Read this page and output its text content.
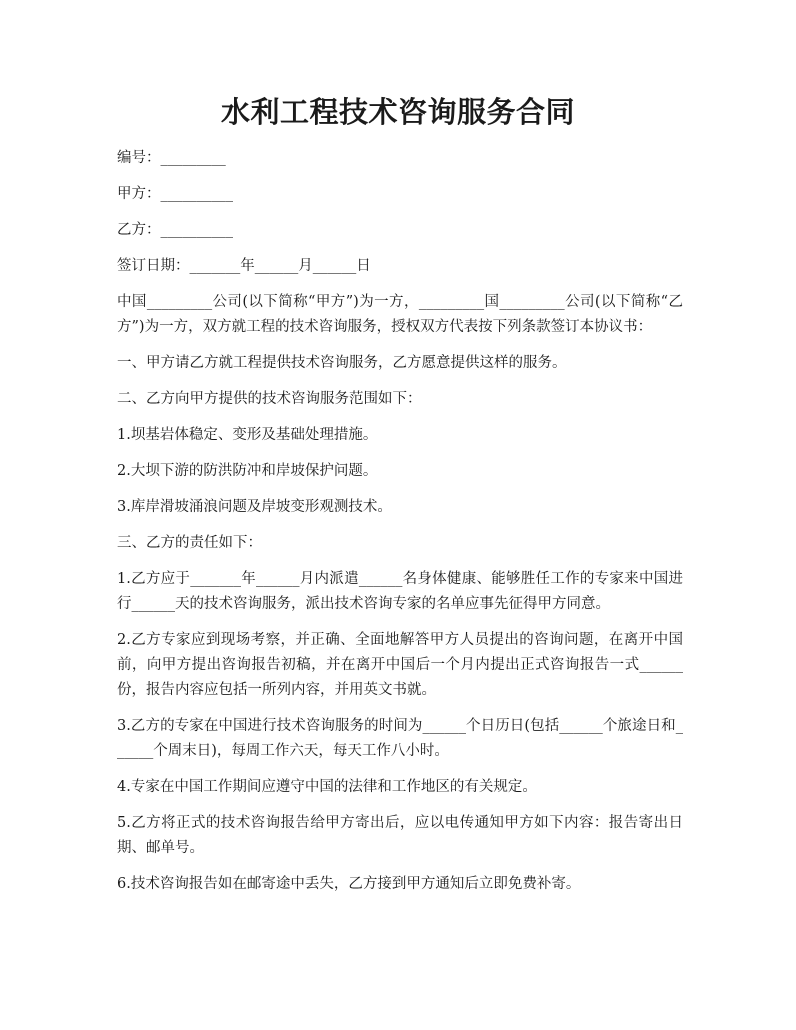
水利工程技术咨询服务合同

编号：_________

甲方：__________

乙方：__________

签订日期：_______年______月______日

中国_________公司(以下简称“甲方”)为一方，_________国_________公司(以下简称“乙方”)为一方，双方就工程的技术咨询服务，授权双方代表按下列条款签订本协议书：

一、甲方请乙方就工程提供技术咨询服务，乙方愿意提供这样的服务。

二、乙方向甲方提供的技术咨询服务范围如下：

1.坝基岩体稳定、变形及基础处理措施。

2.大坝下游的防洪防冲和岸坡保护问题。

3.库岸滑坡涌浪问题及岸坡变形观测技术。

三、乙方的责任如下：

1.乙方应于_______年______月内派遣______名身体健康、能够胜任工作的专家来中国进行______天的技术咨询服务，派出技术咨询专家的名单应事先征得甲方同意。

2.乙方专家应到现场考察，并正确、全面地解答甲方人员提出的咨询问题，在离开中国前，向甲方提出咨询报告初稿，并在离开中国后一个月内提出正式咨询报告一式______份，报告内容应包括一所列内容，并用英文书就。

3.乙方的专家在中国进行技术咨询服务的时间为______个日历日(包括______个旅途日和______个周末日)，每周工作六天，每天工作八小时。

4.专家在中国工作期间应遵守中国的法律和工作地区的有关规定。

5.乙方将正式的技术咨询报告给甲方寄出后，应以电传通知甲方如下内容：报告寄出日期、邮单号。

6.技术咨询报告如在邮寄途中丢失，乙方接到甲方通知后立即免费补寄。
